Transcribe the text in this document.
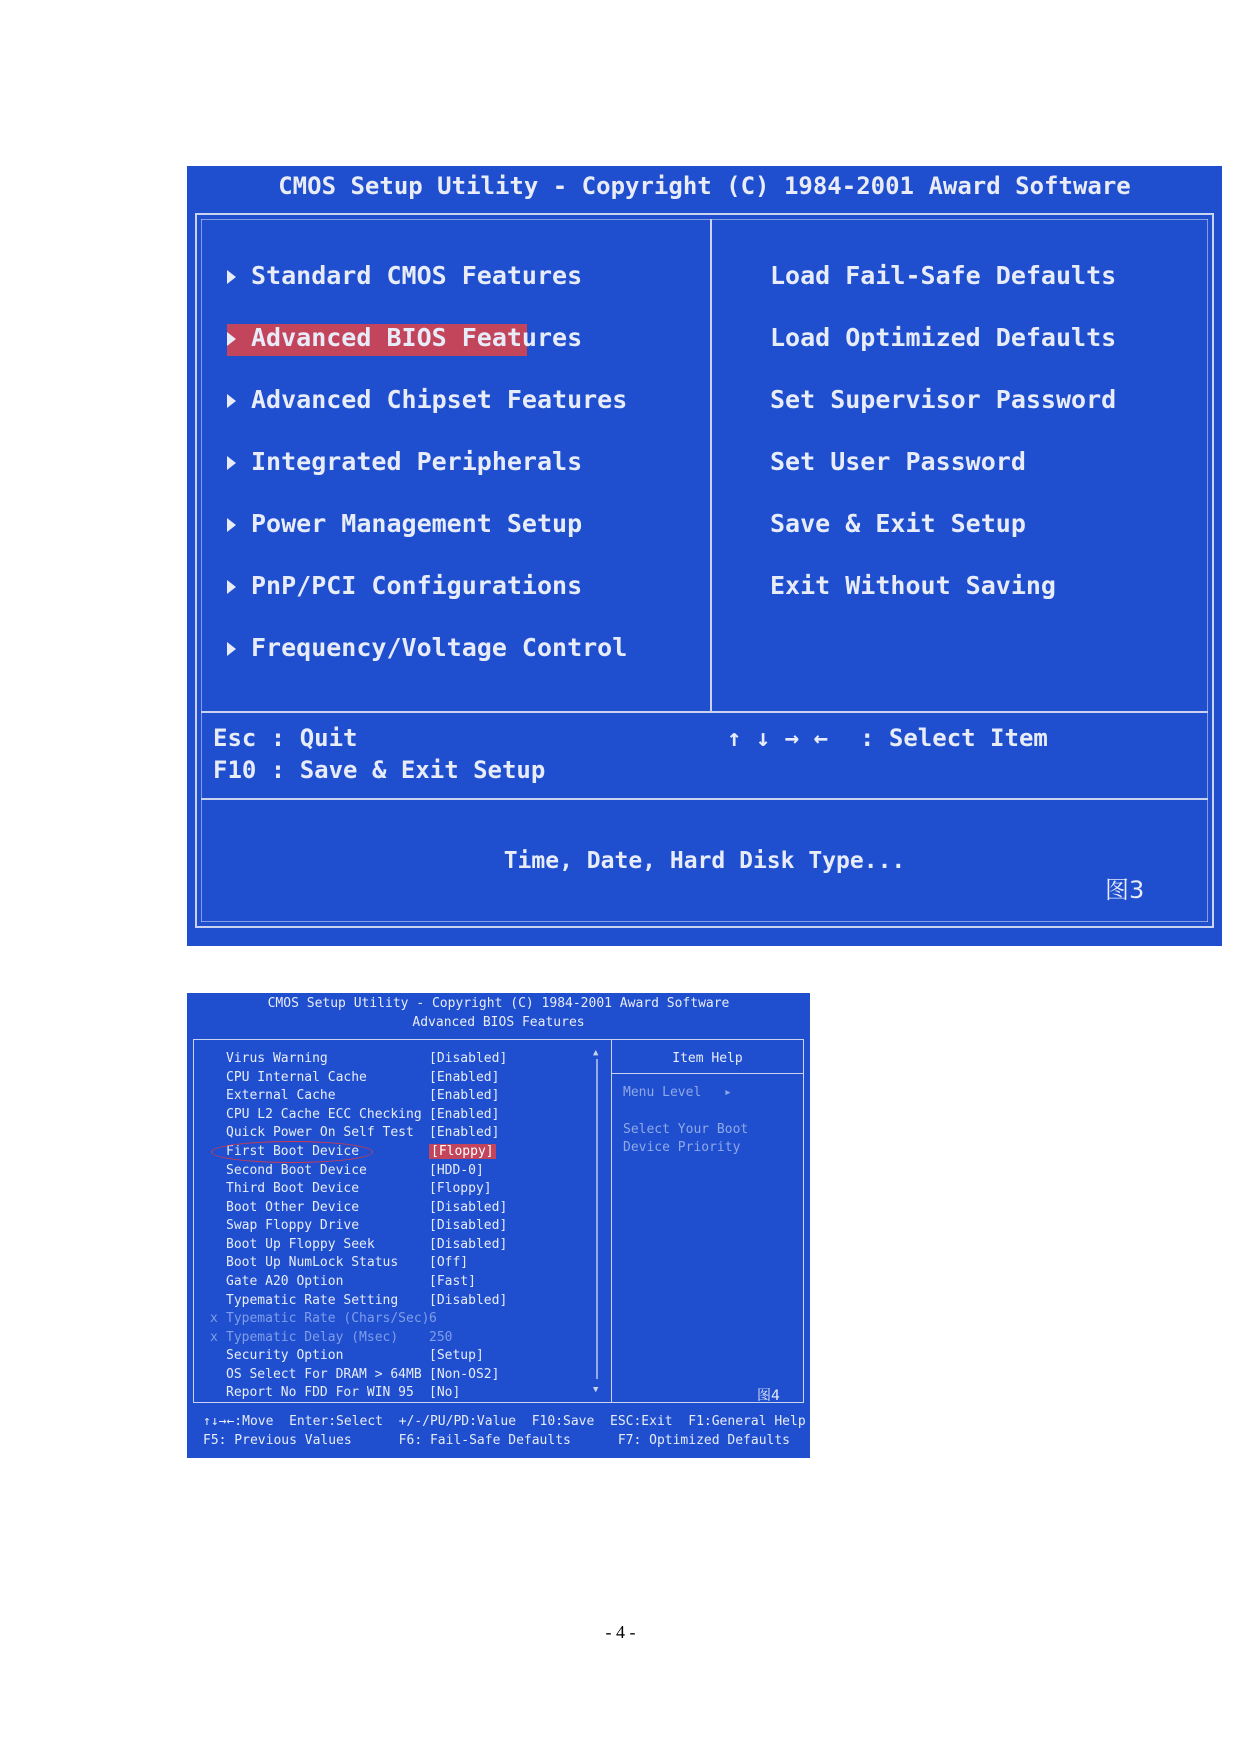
CMOS Setup Utility - Copyright (C) 1984-2001 Award Software
Standard CMOS Features
Advanced BIOS Features
Advanced Chipset Features
Integrated Peripherals
Power Management Setup
PnP/PCI Configurations
Frequency/Voltage Control
Load Fail-Safe Defaults
Load Optimized Defaults
Set Supervisor Password
Set User Password
Save & Exit Setup
Exit Without Saving
Esc : Quit
F10 : Save & Exit Setup
↑ ↓ → ← : Select Item
Time, Date, Hard Disk Type...
图3
CMOS Setup Utility - Copyright (C) 1984-2001 Award Software
Advanced BIOS Features
▲
▼
Virus Warning	[Disabled]
CPU Internal Cache	[Enabled]
External Cache	[Enabled]
CPU L2 Cache ECC Checking [Enabled]
Quick Power On Self Test [Enabled]
First Boot Device	[Floppy]
Second Boot Device	[HDD-0]
Third Boot Device	[Floppy]
Boot Other Device	[Disabled]
Swap Floppy Drive	[Disabled]
Boot Up Floppy Seek	[Disabled]
Boot Up NumLock Status [Off]
Gate A20 Option	[Fast]
Typematic Rate Setting [Disabled]
x Typematic Rate (Chars/Sec) 6
x Typematic Delay (Msec) 250
Security Option	[Setup]
OS Select For DRAM > 64MB [Non-OS2]
Report No FDD For WIN 95 [No]
Item Help
Menu Level ▸
Select Your Boot
Device Priority
图4
↑↓→←:Move  Enter:Select  +/-/PU/PD:Value  F10:Save  ESC:Exit  F1:General Help
F5: Previous Values      F6: Fail-Safe Defaults      F7: Optimized Defaults
- 4 -
